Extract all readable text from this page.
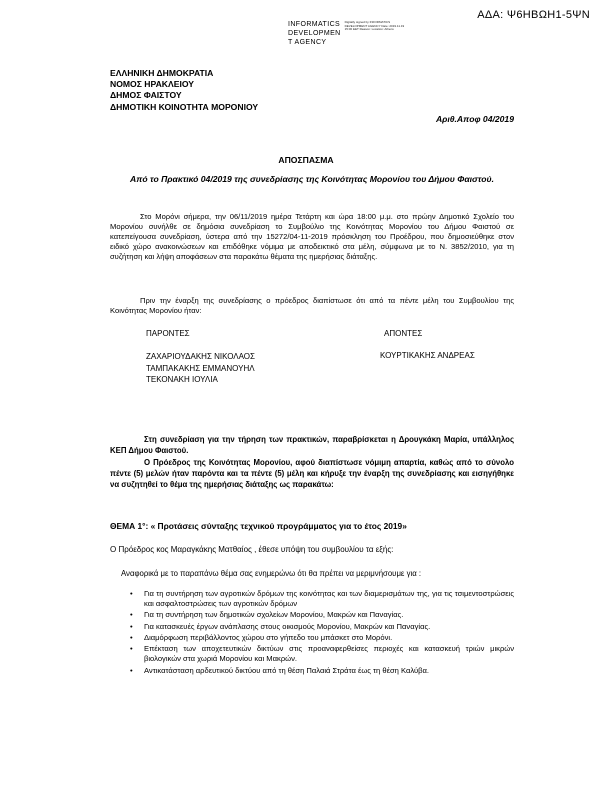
ΑΔΑ: Ψ6ΗΒΩΗ1-5ΨΝ
INFORMATICS
DEVELOPMEN
T AGENCY
Digitally signed by INFORMATICS DEVELOPMENT AGENCY Date: 2019.11.19 15:00 EET Reason: Location: Athens
ΕΛΛΗΝΙΚΗ ΔΗΜΟΚΡΑΤΙΑ
ΝΟΜΟΣ ΗΡΑΚΛΕΙΟΥ
ΔΗΜΟΣ ΦΑΙΣΤΟΥ
ΔΗΜΟΤΙΚΗ ΚΟΙΝΟΤΗΤΑ ΜΟΡΟΝΙΟΥ
Αριθ.Αποφ 04/2019
ΑΠΟΣΠΑΣΜΑ
Από το Πρακτικό 04/2019 της συνεδρίασης της Κοινότητας Μορονίου του Δήμου Φαιστού.
Στο Μορόνι σήμερα, την 06/11/2019 ημέρα Τετάρτη και ώρα 18:00 μ.μ. στο πρώην Δημοτικό Σχολείο του Μορονίου συνήλθε σε δημόσια συνεδρίαση το Συμβούλιο της Κοινότητας Μορονίου του Δήμου Φαιστού σε κατεπείγουσα συνεδρίαση, ύστερα από την 15272/04-11-2019 πρόσκληση του Προέδρου, που δημοσιεύθηκε στον ειδικό χώρο ανακοινώσεων και επιδόθηκε νόμιμα με αποδεικτικό στα μέλη, σύμφωνα με το Ν. 3852/2010, για τη συζήτηση και λήψη αποφάσεων στα παρακάτω θέματα της ημερήσιας διάταξης.
Πριν την έναρξη της συνεδρίασης ο πρόεδρος διαπίστωσε ότι από τα πέντε μέλη του Συμβουλίου της Κοινότητας Μορονίου ήταν:
ΠΑΡΟΝΤΕΣ	ΑΠΟΝΤΕΣ
ΖΑΧΑΡΙΟΥΔΑΚΗΣ ΝΙΚΟΛΑΟΣ
ΤΑΜΠΑΚΑΚΗΣ ΕΜΜΑΝΟΥΗΛ
ΤΕΚΟΝΑΚΗ ΙΟΥΛΙΑ
ΚΟΥΡΤΙΚΑΚΗΣ ΑΝΔΡΕΑΣ
Στη συνεδρίαση για την τήρηση των πρακτικών, παραβρίσκεται η Δρουγκάκη Μαρία, υπάλληλος ΚΕΠ Δήμου Φαιστού.
Ο Πρόεδρος της Κοινότητας Μορονίου, αφού διαπίστωσε νόμιμη απαρτία, καθώς από το σύνολο πέντε (5) μελών ήταν παρόντα και τα πέντε (5) μέλη και κήρυξε την έναρξη της συνεδρίασης και εισηγήθηκε να συζητηθεί το θέμα της ημερήσιας διάταξης ως παρακάτω:
ΘΕΜΑ 1°: « Προτάσεις σύνταξης τεχνικού προγράμματος για το έτος 2019»
Ο Πρόεδρος κος Μαραγκάκης Ματθαίος , έθεσε υπόψη του συμβουλίου τα εξής:
Αναφορικά με το παραπάνω θέμα σας ενημερώνω ότι θα πρέπει να μεριμνήσουμε για :
• Για τη συντήρηση των αγροτικών δρόμων της κοινότητας και των διαμερισμάτων της, για τις τσιμεντοστρώσεις και ασφαλτοστρώσεις των αγροτικών δρόμων
• Για τη συντήρηση των δημοτικών σχολείων Μορονίου, Μακρών και Παναγίας.
• Για κατασκευές έργων ανάπλασης στους οικισμούς Μορονίου, Μακρών και Παναγίας.
• Διαμόρφωση περιβάλλοντος χώρου στο γήπεδο του μπάσκετ στο Μορόνι.
• Επέκταση των αποχετευτικών δικτύων στις προαναφερθείσες περιοχές και κατασκευή τριών μικρών βιολογικών στα χωριά Μορονίου και Μακρών.
• Αντικατάσταση αρδευτικού δικτύου από τη θέση Παλαιά Στράτα έως τη θέση Καλύβα.
